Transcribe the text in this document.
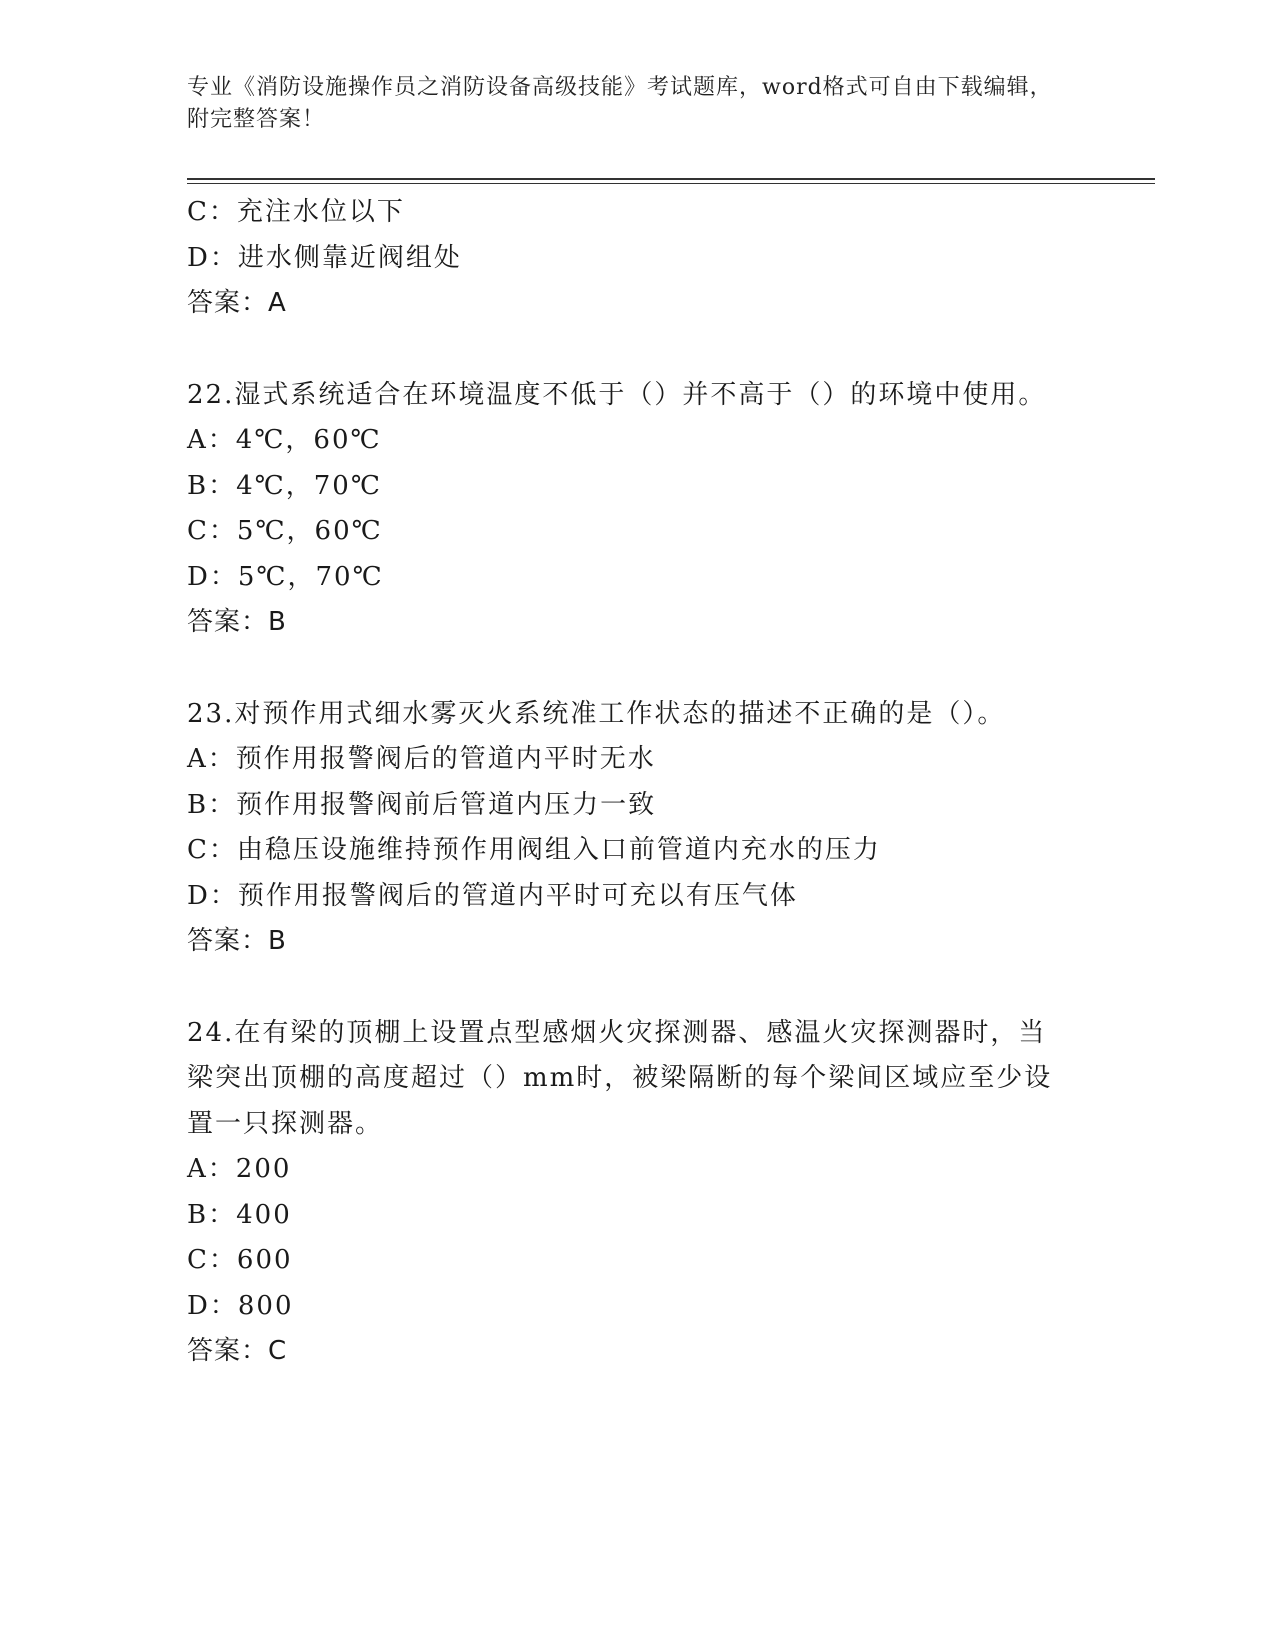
专业《消防设施操作员之消防设备高级技能》考试题库，word格式可自由下载编辑，附完整答案！
C：充注水位以下
D：进水侧靠近阀组处
答案：A
22.湿式系统适合在环境温度不低于（）并不高于（）的环境中使用。
A：4℃，60℃
B：4℃，70℃
C：5℃，60℃
D：5℃，70℃
答案：B
23.对预作用式细水雾灭火系统准工作状态的描述不正确的是（）。
A：预作用报警阀后的管道内平时无水
B：预作用报警阀前后管道内压力一致
C：由稳压设施维持预作用阀组入口前管道内充水的压力
D：预作用报警阀后的管道内平时可充以有压气体
答案：B
24.在有梁的顶棚上设置点型感烟火灾探测器、感温火灾探测器时，当梁突出顶棚的高度超过（）mm时，被梁隔断的每个梁间区域应至少设置一只探测器。
A：200
B：400
C：600
D：800
答案：C
